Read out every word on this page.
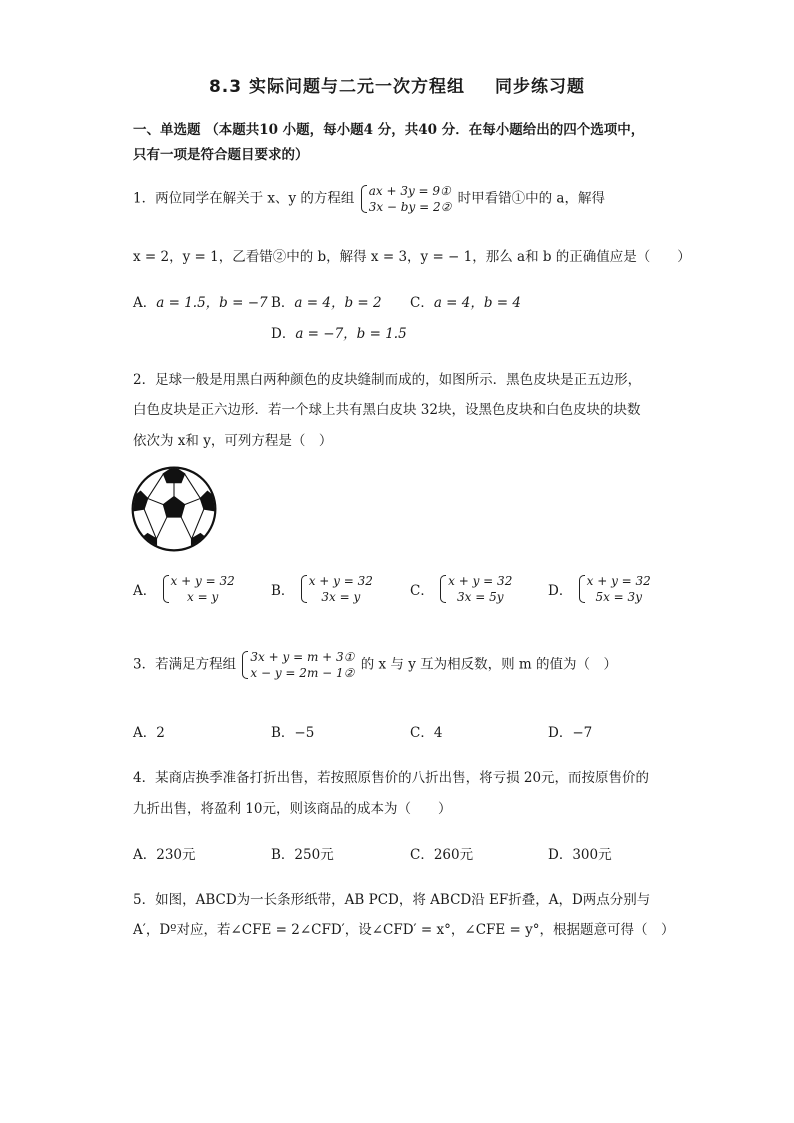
8.3 实际问题与二元一次方程组 同步练习题
一、单选题 （本题共10 小题，每小题4 分，共40 分．在每小题给出的四个选项中，
只有一项是符合题目要求的）
1．两位同学在解关于 x、y 的方程组 ax + 3y = 9①
3x − by = 2②
时甲看错①中的 a，解得
x = 2，y = 1，乙看错②中的 b，解得 x = 3，y = − 1，那么 a和 b 的正确值应是（　　）
A．a = 1.5，b = −7 B．a = 4，b = 2 C．a = 4，b = 4
D．a = −7，b = 1.5
2．足球一般是用黑白两种颜色的皮块缝制而成的，如图所示．黑色皮块是正五边形，
白色皮块是正六边形．若一个球上共有黑白皮块 32块，设黑色皮块和白色皮块的块数
依次为 x和 y，可列方程是（　）
A．
x + y = 32
x = y	B．
x + y = 32
3x = y	C．
x + y = 32
3x = 5y	D．
x + y = 32
5x = 3y
3．若满足方程组 3x + y = m + 3①
x − y = 2m − 1②
的 x 与 y 互为相反数，则 m 的值为（　）
A．2	B．−5	C．4	D．−7
4．某商店换季准备打折出售，若按照原售价的八折出售，将亏损 20元，而按原售价的
九折出售，将盈利 10元，则该商品的成本为（　　）
A．230元	B．250元	C．260元	D．300元
5．如图，ABCD为一长条形纸带，AB PCD，将 ABCD沿 EF折叠，A，D两点分别与
A′，Dº对应，若∠CFE = 2∠CFD′，设∠CFD′ = x°，∠CFE = y°，根据题意可得（　）
